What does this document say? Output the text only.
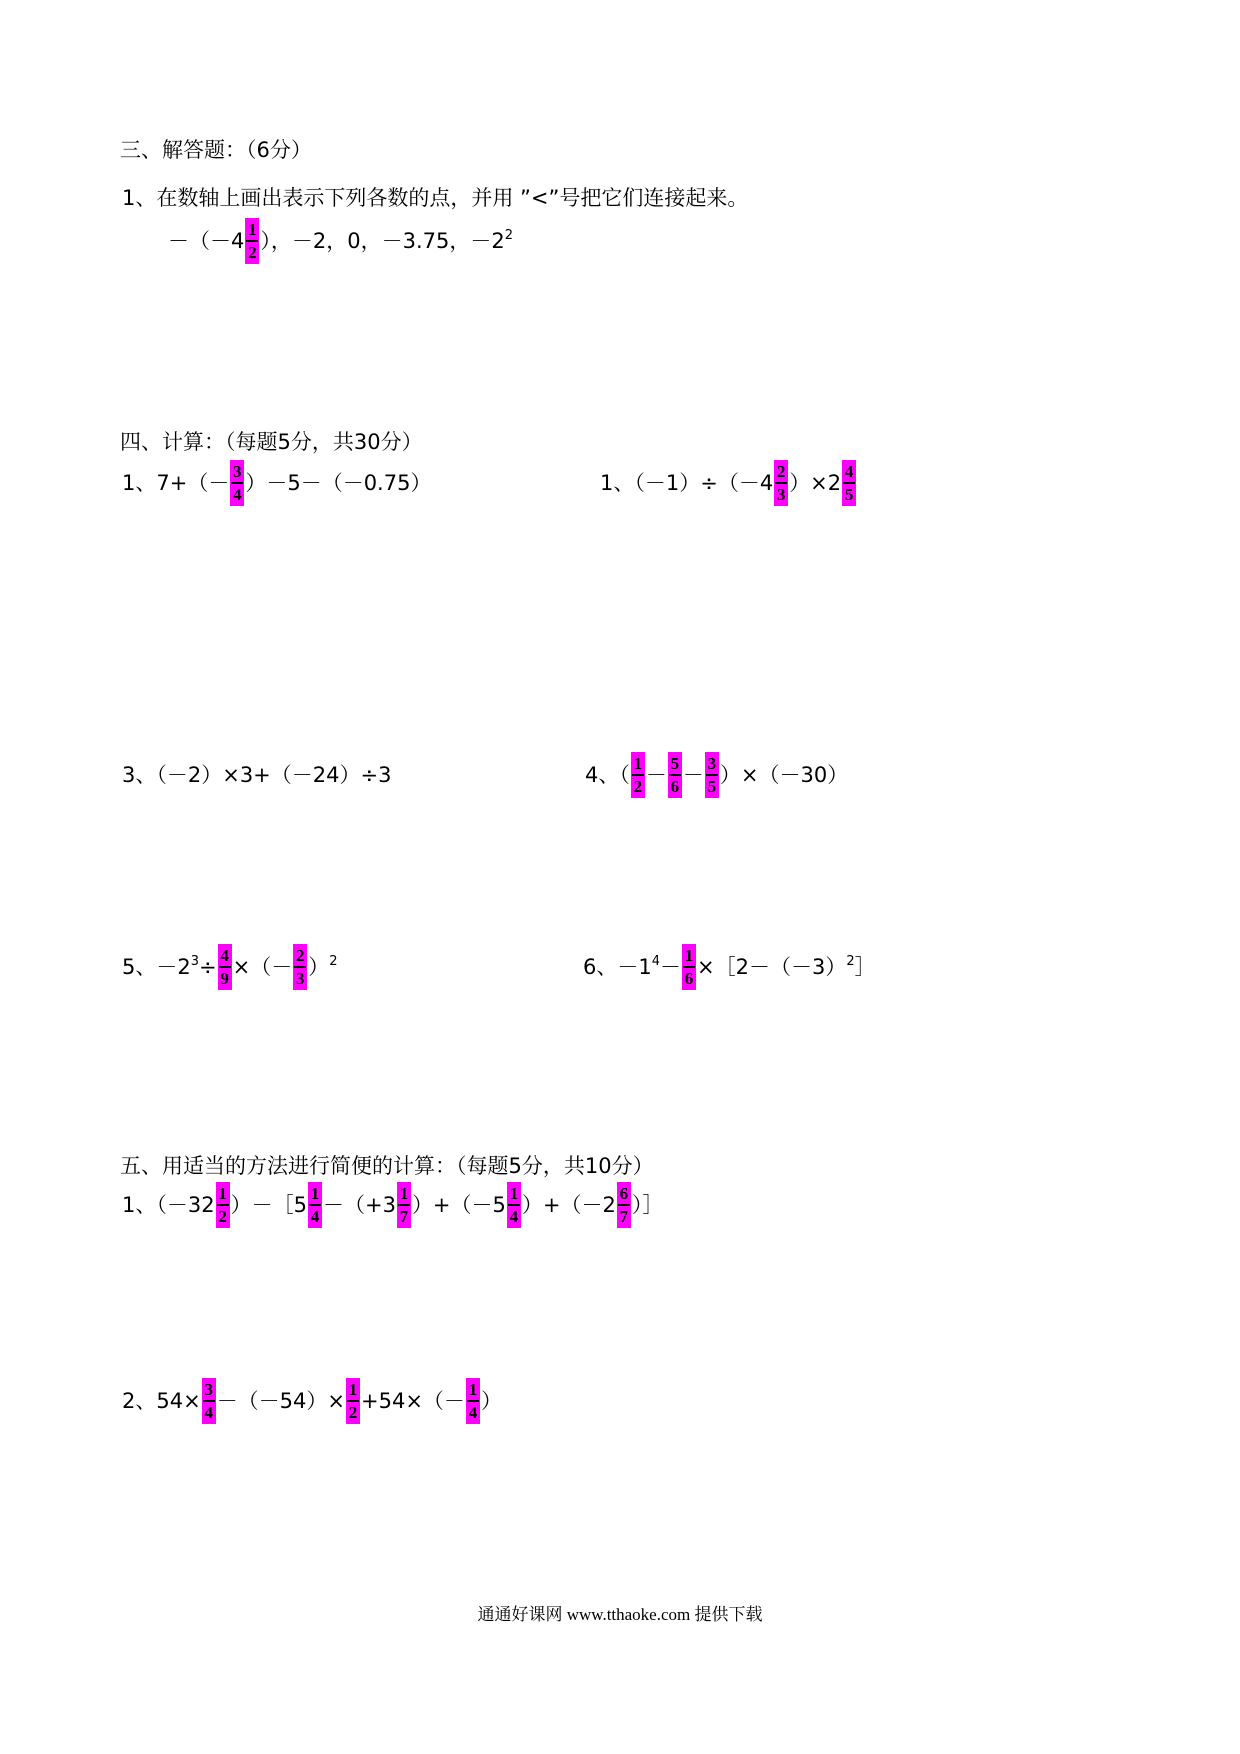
三、解答题：（6分）
1、在数轴上画出表示下列各数的点，并用 ”<”号把它们连接起来。
$-(-4 \frac{1}{2}$ ），－2，0，－3.75，$-2^2$
四、计算：（每题5分，共30分）
1、$7+(- \frac{3}{4} )-5-(-0.75)$	1、$(-1)\div(-4 \frac{2}{3} )\times 2 \frac{4}{5}$
3、（－2）×3+（－24）÷3	4、（ $\frac{1}{2} - \frac{5}{6} - \frac{3}{5} )\times(-30)$
5、$-2^3\div \frac{4}{9}$ ×（－ $\frac{2}{3} )^2$	6、$-1^4- \frac{1}{6}$ $\times[2-(-3)^2]$
五、用适当的方法进行简便的计算：（每题5分，共10分）
1、（$-32 \frac{1}{2}$ ）－［5 $\frac{1}{4} -(+3 \frac{1}{7} )+(-5 \frac{1}{4} )+(-2 \frac{6}{7}$ ）］
2、$54\times \frac{3}{4} -(-54)\times \frac{1}{2} +54\times(- \frac{1}{4}$ ）
通通好课网 www.tthaoke.com 提供下载
